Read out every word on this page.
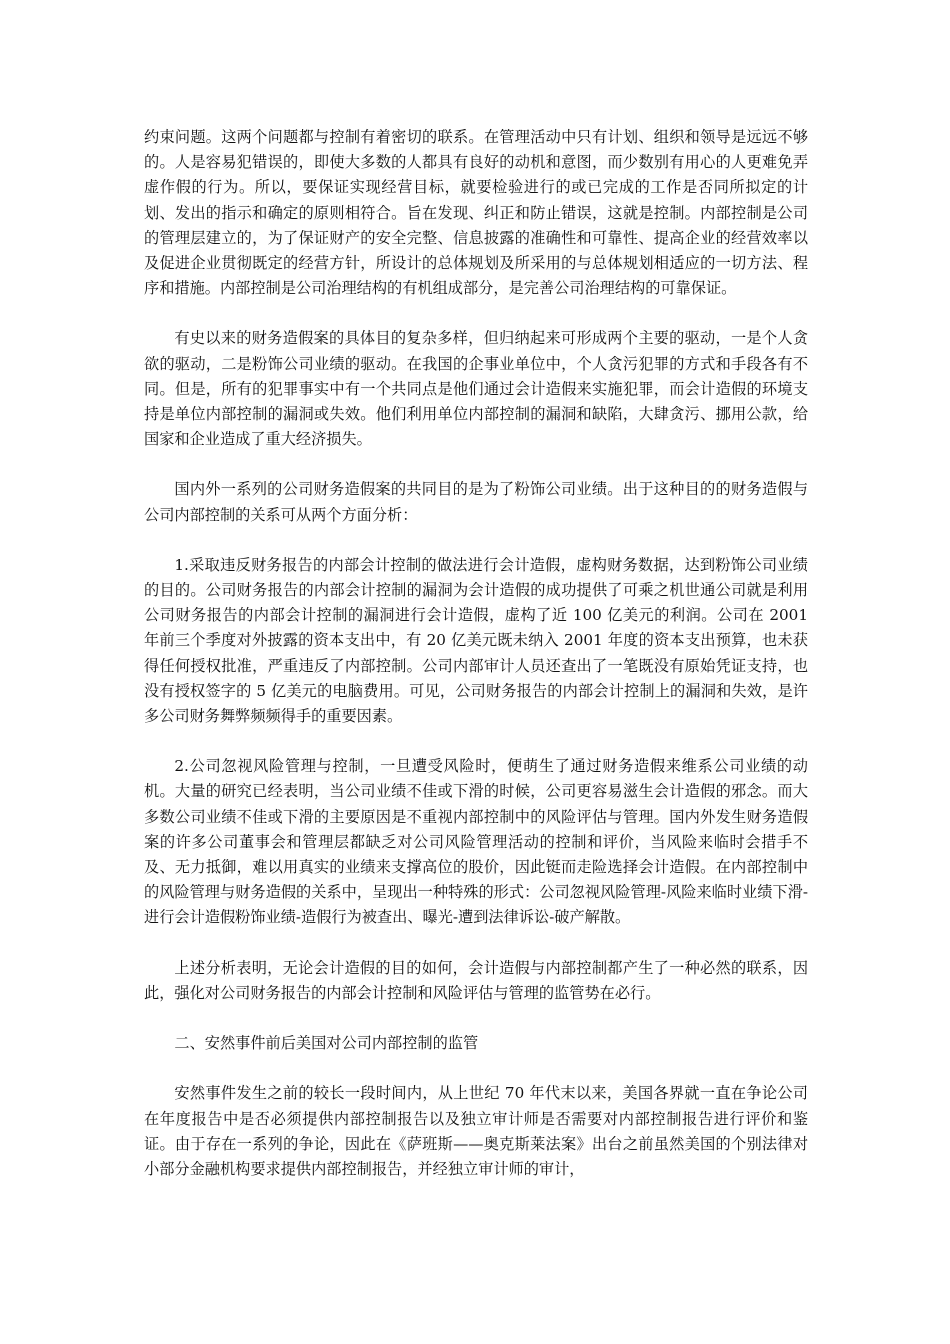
约束问题。这两个问题都与控制有着密切的联系。在管理活动中只有计划、组织和领导是远远不够的。人是容易犯错误的，即使大多数的人都具有良好的动机和意图，而少数别有用心的人更难免弄虚作假的行为。所以，要保证实现经营目标，就要检验进行的或已完成的工作是否同所拟定的计划、发出的指示和确定的原则相符合。旨在发现、纠正和防止错误，这就是控制。内部控制是公司的管理层建立的，为了保证财产的安全完整、信息披露的准确性和可靠性、提高企业的经营效率以及促进企业贯彻既定的经营方针，所设计的总体规划及所采用的与总体规划相适应的一切方法、程序和措施。内部控制是公司治理结构的有机组成部分，是完善公司治理结构的可靠保证。

有史以来的财务造假案的具体目的复杂多样，但归纳起来可形成两个主要的驱动，一是个人贪欲的驱动，二是粉饰公司业绩的驱动。在我国的企事业单位中，个人贪污犯罪的方式和手段各有不同。但是，所有的犯罪事实中有一个共同点是他们通过会计造假来实施犯罪，而会计造假的环境支持是单位内部控制的漏洞或失效。他们利用单位内部控制的漏洞和缺陷，大肆贪污、挪用公款，给国家和企业造成了重大经济损失。

国内外一系列的公司财务造假案的共同目的是为了粉饰公司业绩。出于这种目的的财务造假与公司内部控制的关系可从两个方面分析：

1.采取违反财务报告的内部会计控制的做法进行会计造假，虚构财务数据，达到粉饰公司业绩的目的。公司财务报告的内部会计控制的漏洞为会计造假的成功提供了可乘之机世通公司就是利用公司财务报告的内部会计控制的漏洞进行会计造假，虚构了近 100 亿美元的利润。公司在 2001 年前三个季度对外披露的资本支出中，有 20 亿美元既未纳入 2001 年度的资本支出预算，也未获得任何授权批准，严重违反了内部控制。公司内部审计人员还查出了一笔既没有原始凭证支持，也没有授权签字的 5 亿美元的电脑费用。可见，公司财务报告的内部会计控制上的漏洞和失效，是许多公司财务舞弊频频得手的重要因素。

2.公司忽视风险管理与控制，一旦遭受风险时，便萌生了通过财务造假来维系公司业绩的动机。大量的研究已经表明，当公司业绩不佳或下滑的时候，公司更容易滋生会计造假的邪念。而大多数公司业绩不佳或下滑的主要原因是不重视内部控制中的风险评估与管理。国内外发生财务造假案的许多公司董事会和管理层都缺乏对公司风险管理活动的控制和评价，当风险来临时会措手不及、无力抵御，难以用真实的业绩来支撑高位的股价，因此铤而走险选择会计造假。在内部控制中的风险管理与财务造假的关系中，呈现出一种特殊的形式：公司忽视风险管理-风险来临时业绩下滑-进行会计造假粉饰业绩-造假行为被查出、曝光-遭到法律诉讼-破产解散。

上述分析表明，无论会计造假的目的如何，会计造假与内部控制都产生了一种必然的联系，因此，强化对公司财务报告的内部会计控制和风险评估与管理的监管势在必行。

二、安然事件前后美国对公司内部控制的监管

安然事件发生之前的较长一段时间内，从上世纪 70 年代末以来，美国各界就一直在争论公司在年度报告中是否必须提供内部控制报告以及独立审计师是否需要对内部控制报告进行评价和鉴证。由于存在一系列的争论，因此在《萨班斯——奥克斯莱法案》出台之前虽然美国的个别法律对小部分金融机构要求提供内部控制报告，并经独立审计师的审计，
